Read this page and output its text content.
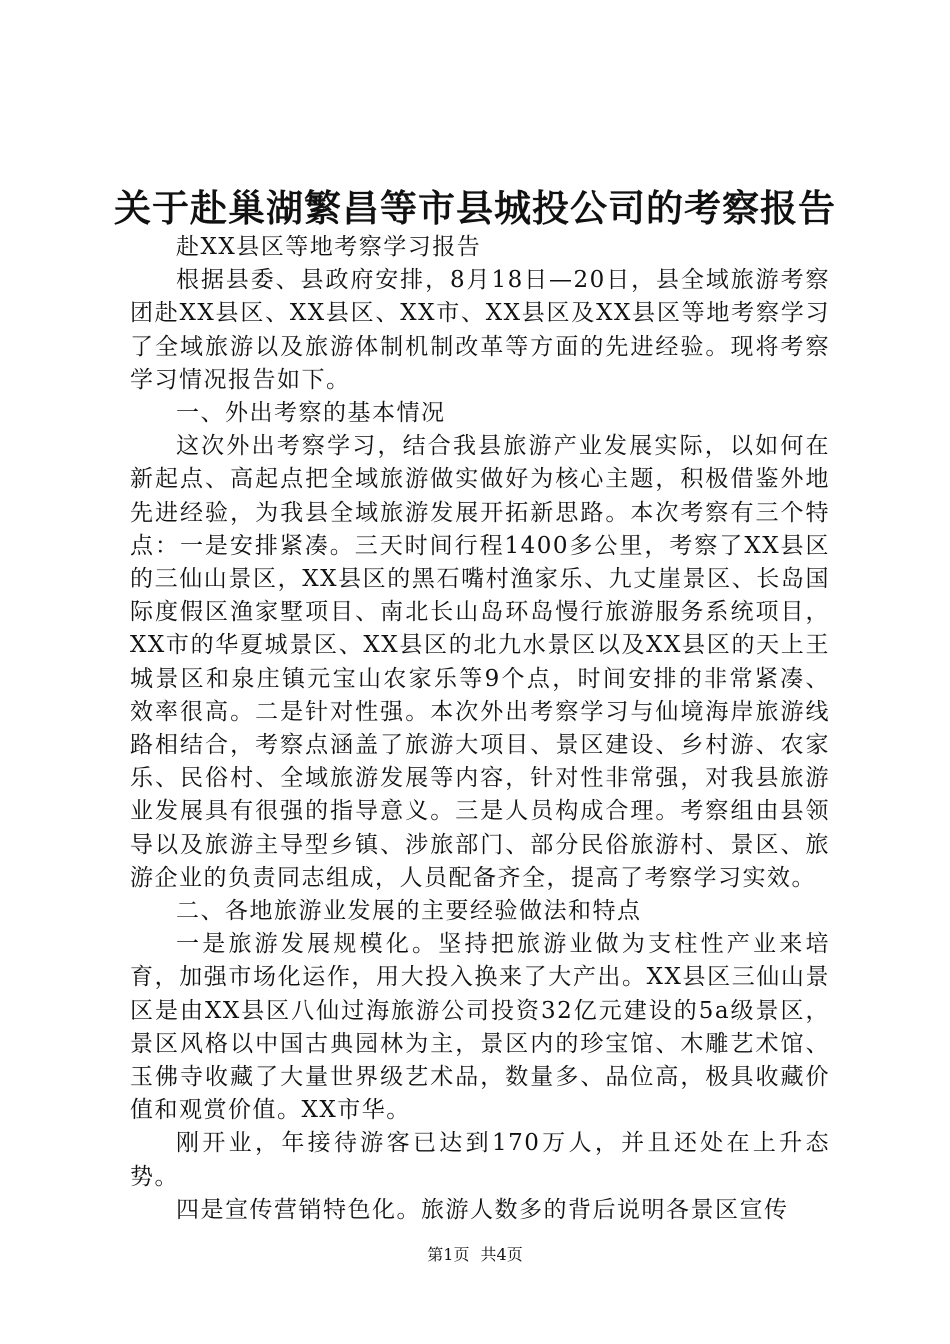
关于赴巢湖繁昌等市县城投公司的考察报告

赴XX县区等地考察学习报告

根据县委、县政府安排，8月18日—20日，县全域旅游考察团赴XX县区、XX县区、XX市、XX县区及XX县区等地考察学习了全域旅游以及旅游体制机制改革等方面的先进经验。现将考察学习情况报告如下。

一、外出考察的基本情况

这次外出考察学习，结合我县旅游产业发展实际，以如何在新起点、高起点把全域旅游做实做好为核心主题，积极借鉴外地先进经验，为我县全域旅游发展开拓新思路。本次考察有三个特点：一是安排紧凑。三天时间行程1400多公里，考察了XX县区的三仙山景区，XX县区的黑石嘴村渔家乐、九丈崖景区、长岛国际度假区渔家墅项目、南北长山岛环岛慢行旅游服务系统项目，XX市的华夏城景区、XX县区的北九水景区以及XX县区的天上王城景区和泉庄镇元宝山农家乐等9个点，时间安排的非常紧凑、效率很高。二是针对性强。本次外出考察学习与仙境海岸旅游线路相结合，考察点涵盖了旅游大项目、景区建设、乡村游、农家乐、民俗村、全域旅游发展等内容，针对性非常强，对我县旅游业发展具有很强的指导意义。三是人员构成合理。考察组由县领导以及旅游主导型乡镇、涉旅部门、部分民俗旅游村、景区、旅游企业的负责同志组成，人员配备齐全，提高了考察学习实效。

二、各地旅游业发展的主要经验做法和特点

一是旅游发展规模化。坚持把旅游业做为支柱性产业来培育，加强市场化运作，用大投入换来了大产出。XX县区三仙山景区是由XX县区八仙过海旅游公司投资32亿元建设的5a级景区，景区风格以中国古典园林为主，景区内的珍宝馆、木雕艺术馆、玉佛寺收藏了大量世界级艺术品，数量多、品位高，极具收藏价值和观赏价值。XX市华。

刚开业，年接待游客已达到170万人，并且还处在上升态势。

四是宣传营销特色化。旅游人数多的背后说明各景区宣传

第1页 共4页
